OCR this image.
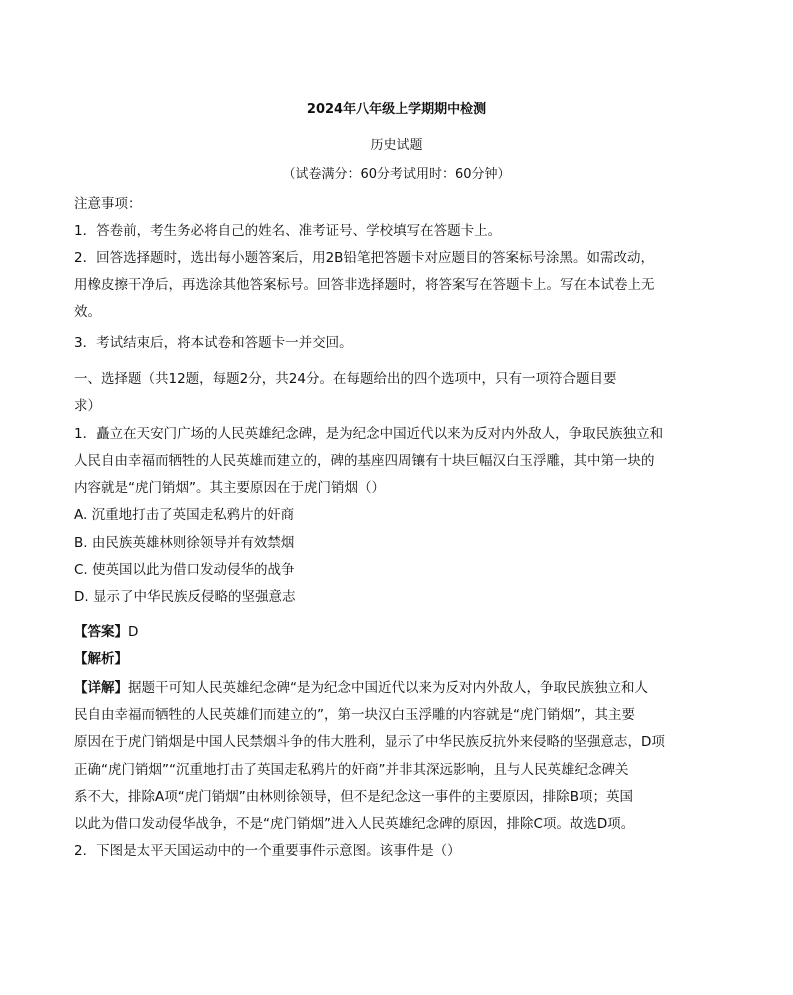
2024年八年级上学期期中检测
历史试题
（试卷满分：60分考试用时：60分钟）
注意事项：
1．答卷前，考生务必将自己的姓名、准考证号、学校填写在答题卡上。
2．回答选择题时，选出每小题答案后，用2B铅笔把答题卡对应题目的答案标号涂黑。如需改动，
用橡皮擦干净后，再选涂其他答案标号。回答非选择题时，将答案写在答题卡上。写在本试卷上无
效。
3．考试结束后，将本试卷和答题卡一并交回。
一、选择题（共12题，每题2分，共24分。在每题给出的四个选项中，只有一项符合题目要
求）
1．矗立在天安门广场的人民英雄纪念碑，是为纪念中国近代以来为反对内外敌人，争取民族独立和
人民自由幸福而牺牲的人民英雄而建立的，碑的基座四周镶有十块巨幅汉白玉浮雕，其中第一块的
内容就是“虎门销烟”。其主要原因在于虎门销烟（）
A. 沉重地打击了英国走私鸦片的奸商
B. 由民族英雄林则徐领导并有效禁烟
C. 使英国以此为借口发动侵华的战争
D. 显示了中华民族反侵略的坚强意志
【答案】D
【解析】
【详解】据题干可知人民英雄纪念碑“是为纪念中国近代以来为反对内外敌人，争取民族独立和人
民自由幸福而牺牲的人民英雄们而建立的”，第一块汉白玉浮雕的内容就是“虎门销烟”，其主要
原因在于虎门销烟是中国人民禁烟斗争的伟大胜利，显示了中华民族反抗外来侵略的坚强意志，D项
正确“虎门销烟”“沉重地打击了英国走私鸦片的奸商”并非其深远影响，且与人民英雄纪念碑关
系不大，排除A项“虎门销烟”由林则徐领导，但不是纪念这一事件的主要原因，排除B项；英国
以此为借口发动侵华战争，不是“虎门销烟”进入人民英雄纪念碑的原因，排除C项。故选D项。
2．下图是太平天国运动中的一个重要事件示意图。该事件是（）
